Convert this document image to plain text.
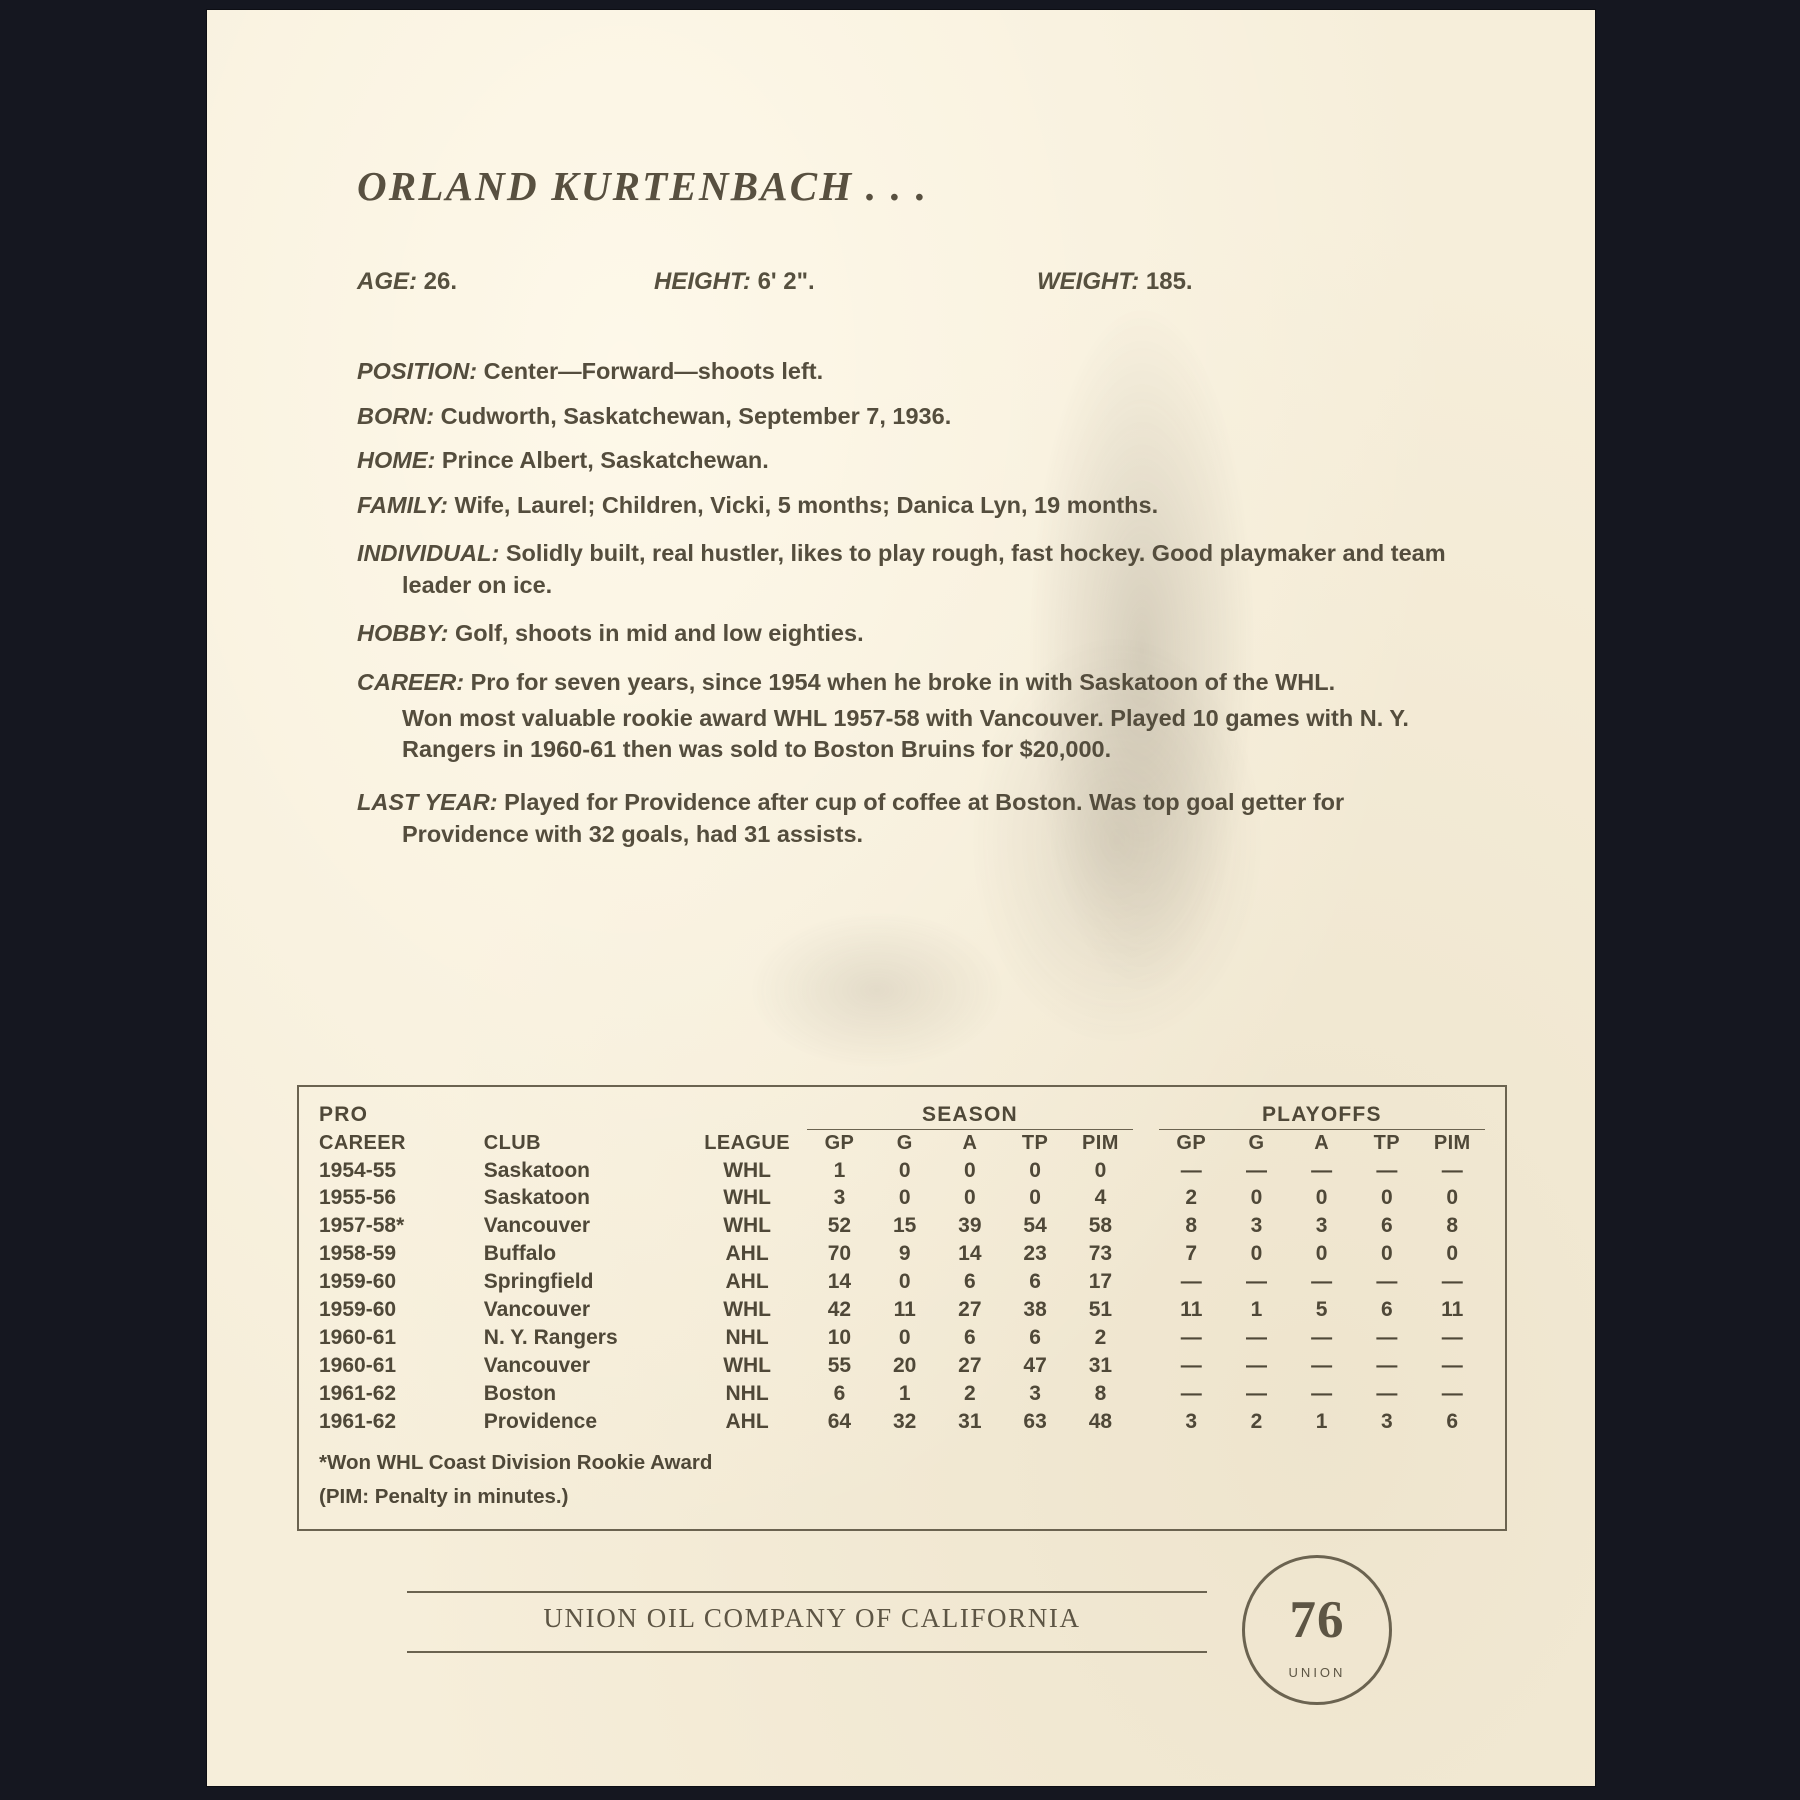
ORLAND KURTENBACH . . .
AGE: 26.	HEIGHT: 6' 2".	WEIGHT: 185.
POSITION: Center—Forward—shoots left.
BORN: Cudworth, Saskatchewan, September 7, 1936.
HOME: Prince Albert, Saskatchewan.
FAMILY: Wife, Laurel; Children, Vicki, 5 months; Danica Lyn, 19 months.
INDIVIDUAL: Solidly built, real hustler, likes to play rough, fast hockey. Good playmaker and team leader on ice.
HOBBY: Golf, shoots in mid and low eighties.
CAREER: Pro for seven years, since 1954 when he broke in with Saskatoon of the WHL.
Won most valuable rookie award WHL 1957-58 with Vancouver. Played 10 games with N. Y. Rangers in 1960-61 then was sold to Boston Bruins for $20,000.
LAST YEAR: Played for Providence after cup of coffee at Boston. Was top goal getter for Providence with 32 goals, had 31 assists.
PRO			SEASON						PLAYOFFS				
CAREER	CLUB	LEAGUE	GP	G	A	TP	PIM		GP	G	A	TP	PIM
1954-55	Saskatoon	WHL	1	0	0	0	0		—	—	—	—	—
1955-56	Saskatoon	WHL	3	0	0	0	4		2	0	0	0	0
1957-58*	Vancouver	WHL	52	15	39	54	58		8	3	3	6	8
1958-59	Buffalo	AHL	70	9	14	23	73		7	0	0	0	0
1959-60	Springfield	AHL	14	0	6	6	17		—	—	—	—	—
1959-60	Vancouver	WHL	42	11	27	38	51		11	1	5	6	11
1960-61	N. Y. Rangers	NHL	10	0	6	6	2		—	—	—	—	—
1960-61	Vancouver	WHL	55	20	27	47	31		—	—	—	—	—
1961-62	Boston	NHL	6	1	2	3	8		—	—	—	—	—
1961-62	Providence	AHL	64	32	31	63	48		3	2	1	3	6
*Won WHL Coast Division Rookie Award
(PIM: Penalty in minutes.)
UNION OIL COMPANY OF CALIFORNIA	76
UNION
